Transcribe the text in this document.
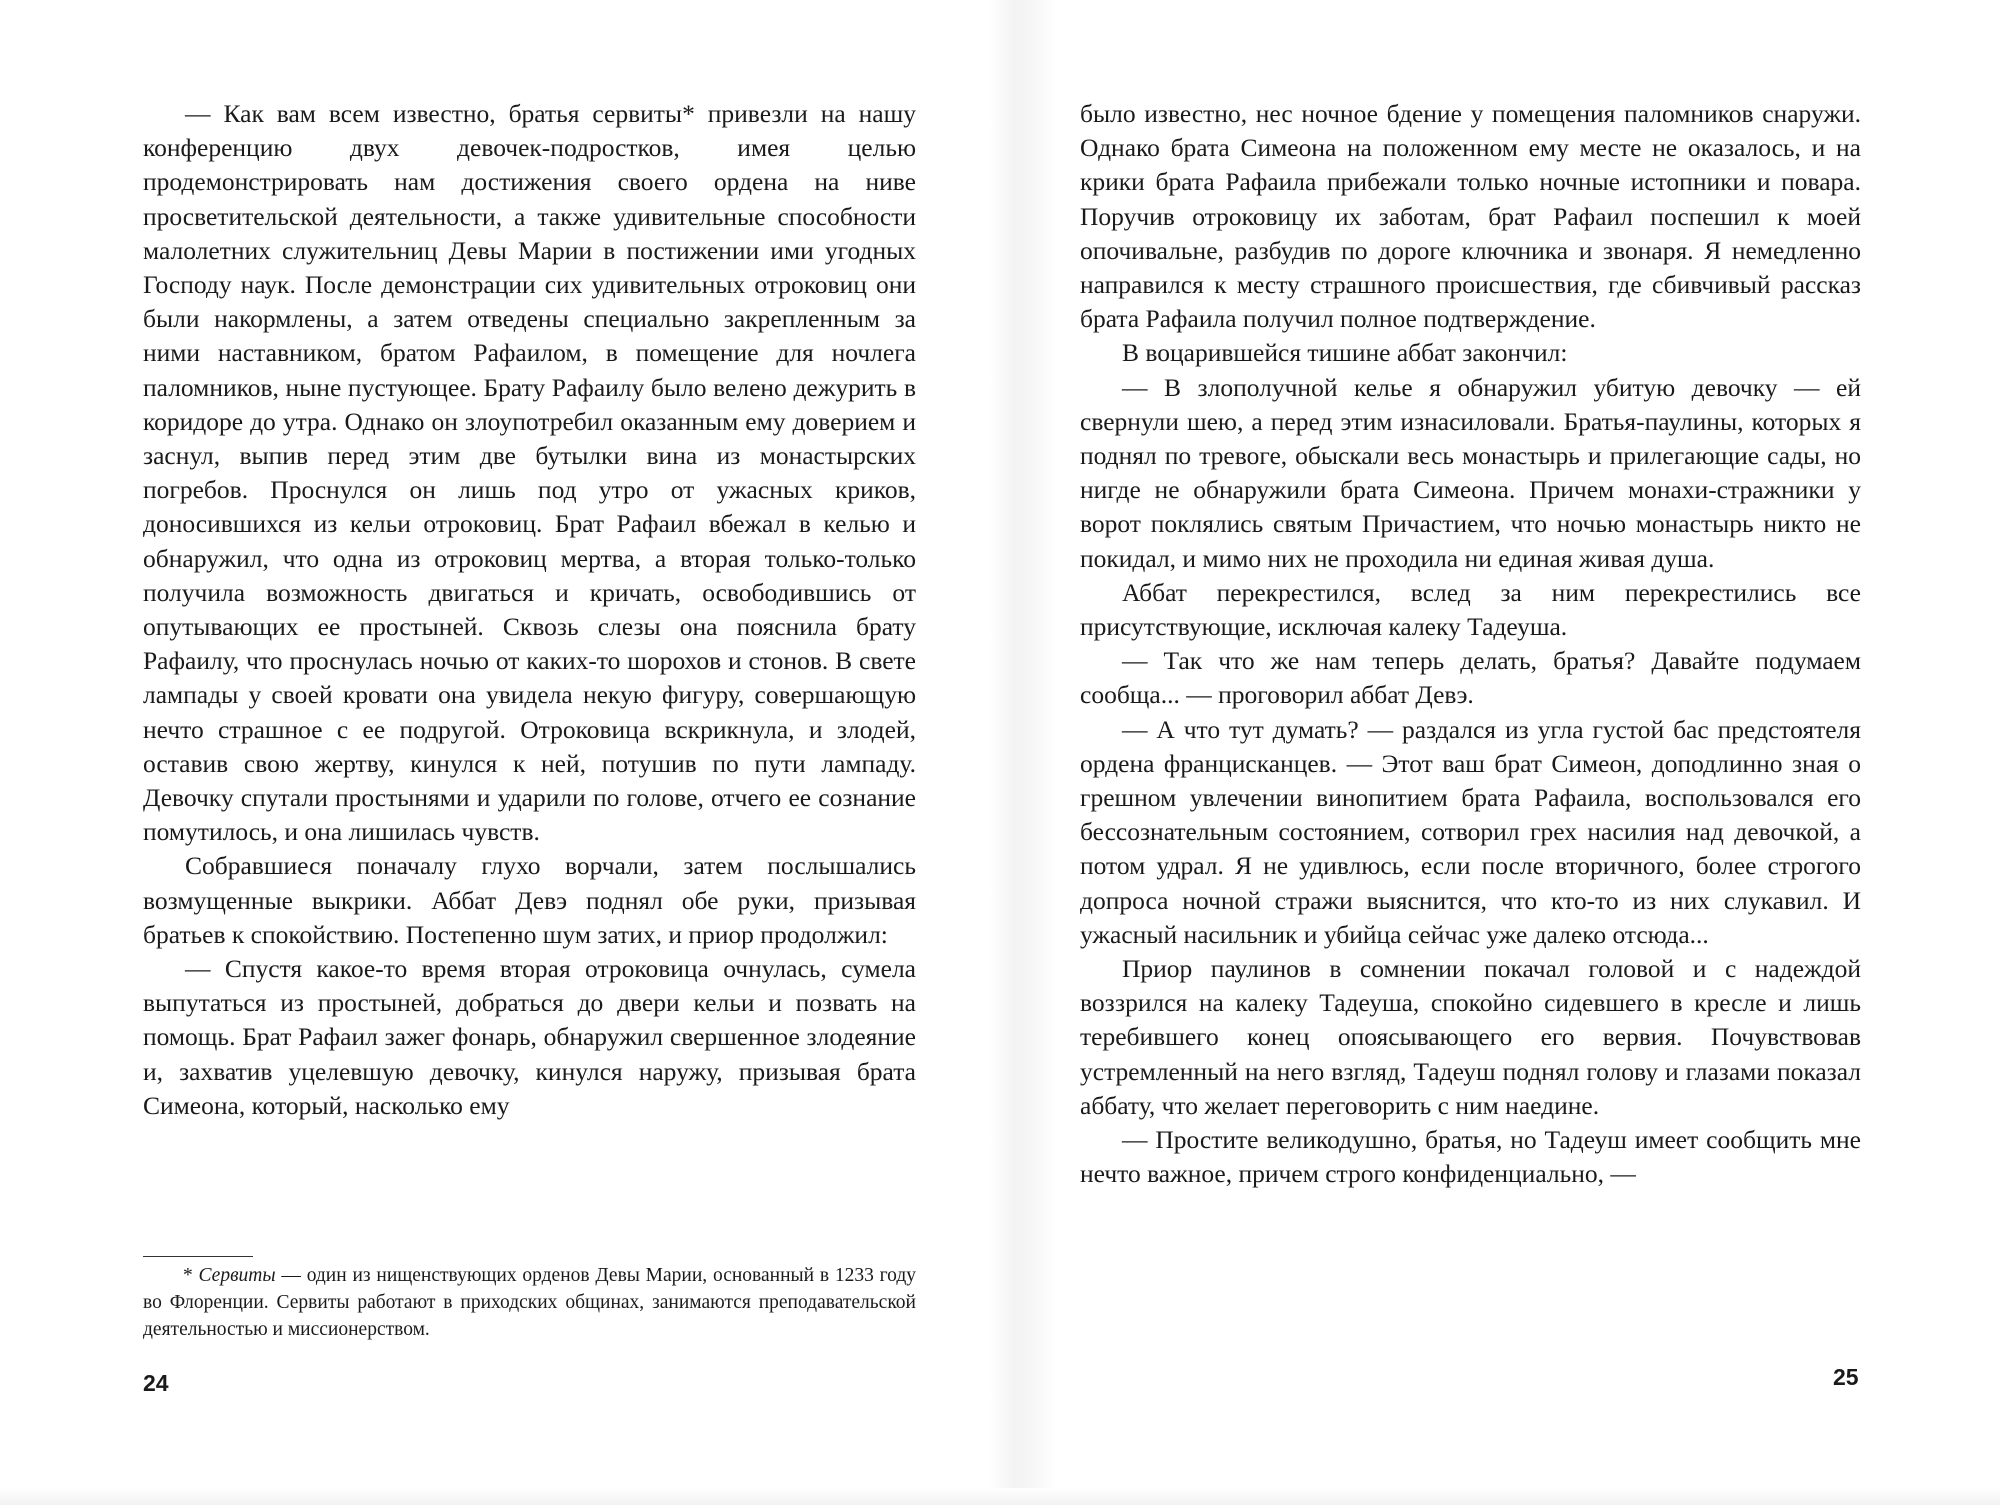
— Как вам всем известно, братья сервиты* привезли на нашу конференцию двух девочек-подростков, имея целью продемонстрировать нам достижения своего ордена на ниве просветительской деятельности, а также удивительные способности малолетних служительниц Девы Марии в постижении ими угодных Господу наук. После демонстрации сих удивительных отроковиц они были накормлены, а затем отведены специально закрепленным за ними наставником, братом Рафаилом, в помещение для ночлега паломников, ныне пустующее. Брату Рафаилу было велено дежурить в коридоре до утра. Однако он злоупотребил оказанным ему доверием и заснул, выпив перед этим две бутылки вина из монастырских погребов. Проснулся он лишь под утро от ужасных криков, доносившихся из кельи отроковиц. Брат Рафаил вбежал в келью и обнаружил, что одна из отроковиц мертва, а вторая только-только получила возможность двигаться и кричать, освободившись от опутывающих ее простыней. Сквозь слезы она пояснила брату Рафаилу, что проснулась ночью от каких-то шорохов и стонов. В свете лампады у своей кровати она увидела некую фигуру, совершающую нечто страшное с ее подругой. Отроковица вскрикнула, и злодей, оставив свою жертву, кинулся к ней, потушив по пути лампаду. Девочку спутали простынями и ударили по голове, отчего ее сознание помутилось, и она лишилась чувств.

Собравшиеся поначалу глухо ворчали, затем послышались возмущенные выкрики. Аббат Девэ поднял обе руки, призывая братьев к спокойствию. Постепенно шум затих, и приор продолжил:

— Спустя какое-то время вторая отроковица очнулась, сумела выпутаться из простыней, добраться до двери кельи и позвать на помощь. Брат Рафаил зажег фонарь, обнаружил свершенное злодеяние и, захватив уцелевшую девочку, кинулся наружу, призывая брата Симеона, который, насколько ему

* Сервиты — один из нищенствующих орденов Девы Марии, основанный в 1233 году во Флоренции. Сервиты работают в приходских общинах, занимаются преподавательской деятельностью и миссионерством.

24

было известно, нес ночное бдение у помещения паломников снаружи. Однако брата Симеона на положенном ему месте не оказалось, и на крики брата Рафаила прибежали только ночные истопники и повара. Поручив отроковицу их заботам, брат Рафаил поспешил к моей опочивальне, разбудив по дороге ключника и звонаря. Я немедленно направился к месту страшного происшествия, где сбивчивый рассказ брата Рафаила получил полное подтверждение.

В воцарившейся тишине аббат закончил:

— В злополучной келье я обнаружил убитую девочку — ей свернули шею, а перед этим изнасиловали. Братья-паулины, которых я поднял по тревоге, обыскали весь монастырь и прилегающие сады, но нигде не обнаружили брата Симеона. Причем монахи-стражники у ворот поклялись святым Причастием, что ночью монастырь никто не покидал, и мимо них не проходила ни единая живая душа.

Аббат перекрестился, вслед за ним перекрестились все присутствующие, исключая калеку Тадеуша.

— Так что же нам теперь делать, братья? Давайте подумаем сообща... — проговорил аббат Девэ.

— А что тут думать? — раздался из угла густой бас предстоятеля ордена францисканцев. — Этот ваш брат Симеон, доподлинно зная о грешном увлечении винопитием брата Рафаила, воспользовался его бессознательным состоянием, сотворил грех насилия над девочкой, а потом удрал. Я не удивлюсь, если после вторичного, более строгого допроса ночной стражи выяснится, что кто-то из них слукавил. И ужасный насильник и убийца сейчас уже далеко отсюда...

Приор паулинов в сомнении покачал головой и с надеждой воззрился на калеку Тадеуша, спокойно сидевшего в кресле и лишь теребившего конец опоясывающего его вервия. Почувствовав устремленный на него взгляд, Тадеуш поднял голову и глазами показал аббату, что желает переговорить с ним наедине.

— Простите великодушно, братья, но Тадеуш имеет сообщить мне нечто важное, причем строго конфиденциально, —

25
